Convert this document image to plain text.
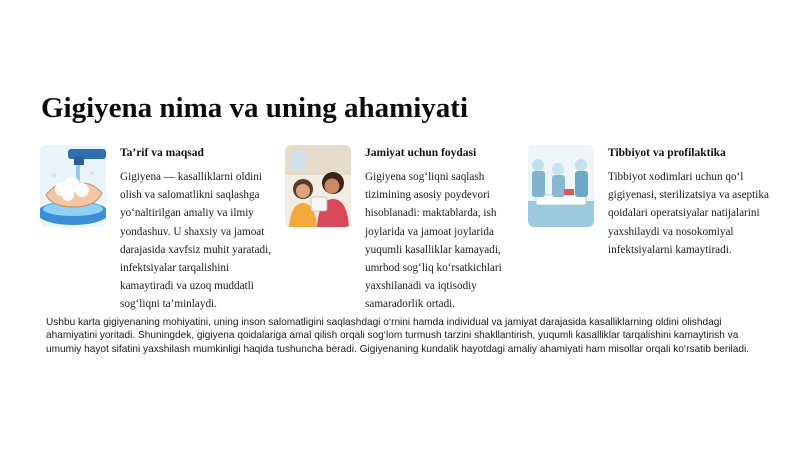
Gigiyena nima va uning ahamiyati
Ta’rif va maqsad

Gigiyena — kasalliklarni oldini olish va salomatlikni saqlashga yo‘naltirilgan amaliy va ilmiy yondashuv. U shaxsiy va jamoat darajasida xavfsiz muhit yaratadi, infektsiyalar tarqalishini kamaytiradi va uzoq muddatli sog‘liqni ta’minlaydi.

Jamiyat uchun foydasi

Gigiyena sog‘liqni saqlash tizimining asosiy poydevori hisoblanadi: maktablarda, ish joylarida va jamoat joylarida yuqumli kasalliklar kamayadi, umrbod sog‘liq ko‘rsatkichlari yaxshilanadi va iqtisodiy samaradorlik ortadi.

Tibbiyot va profilaktika

Tibbiyot xodimlari uchun qo‘l gigiyenasi, sterilizatsiya va aseptika qoidalari operatsiyalar natijalarini yaxshilaydi va nosokomiyal infektsiyalarni kamaytiradi.

Ushbu karta gigiyenaning mohiyatini, uning inson salomatligini saqlashdagi o‘rnini hamda individual va jamiyat darajasida kasalliklarning oldini olishdagi ahamiyatini yoritadi. Shuningdek, gigiyena qoidalariga amal qilish orqali sog‘lom turmush tarzini shakllantirish, yuqumli kasalliklar tarqalishini kamaytirish va umumiy hayot sifatini yaxshilash mumkinligi haqida tushuncha beradi. Gigiyenaning kundalik hayotdagi amaliy ahamiyati ham misollar orqali ko‘rsatib beriladi.
